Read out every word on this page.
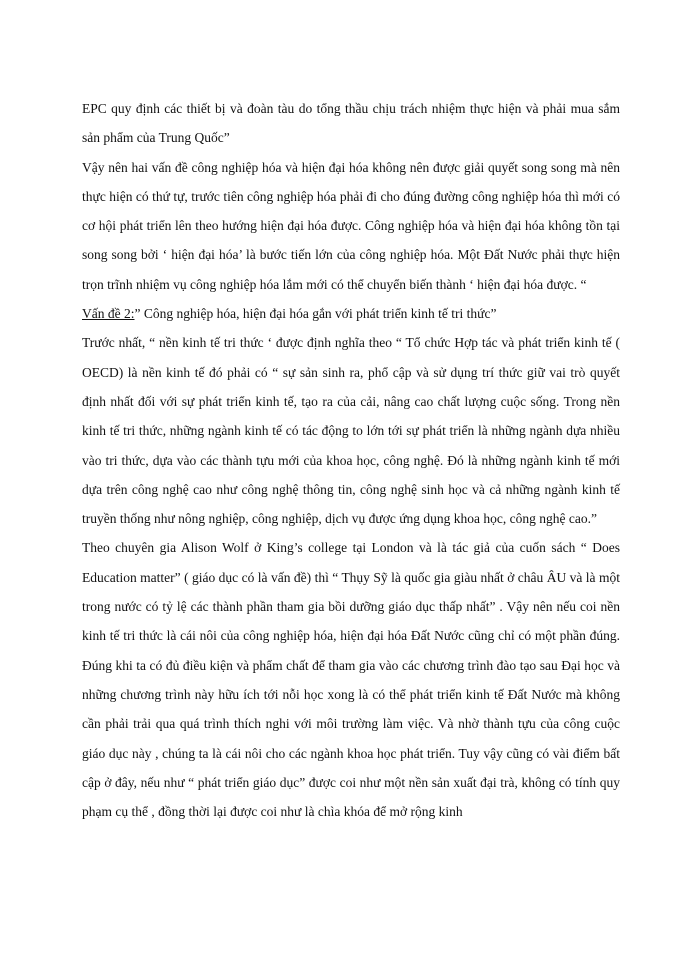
EPC quy định các thiết bị và đoàn tàu do tổng thầu chịu trách nhiệm thực hiện và phải mua sắm sản phẩm của Trung Quốc”

Vậy nên hai vấn đề công nghiệp hóa và hiện đại hóa không nên được giải quyết song song mà nên thực hiện có thứ tự, trước tiên công nghiệp hóa phải đi cho đúng đường công nghiệp hóa thì mới có cơ hội phát triển lên theo hướng hiện đại hóa được. Công nghiệp hóa và hiện đại hóa không tồn tại song song bởi ‘ hiện đại hóa’ là bước tiến lớn của công nghiệp hóa. Một Đất Nước phải thực hiện trọn trĩnh nhiệm vụ công nghiệp hóa lắm mới có thể chuyển biến thành ‘ hiện đại hóa được. “

Vấn đề 2:” Công nghiệp hóa, hiện đại hóa gắn với phát triển kinh tế tri thức”

Trước nhất, “ nền kinh tế tri thức ‘ được định nghĩa theo “ Tổ chức Hợp tác và phát triển kinh tế ( OECD) là nền kinh tế đó phải có “ sự sản sinh ra, phổ cập và sử dụng trí thức giữ vai trò quyết định nhất đối với sự phát triển kinh tế, tạo ra của cải, nâng cao chất lượng cuộc sống. Trong nền kinh tế tri thức, những ngành kinh tế có tác động to lớn tới sự phát triển là những ngành dựa nhiều vào tri thức, dựa vào các thành tựu mới của khoa học, công nghệ. Đó là những ngành kinh tế mới dựa trên công nghệ cao như công nghệ thông tin, công nghệ sinh học và cả những ngành kinh tế truyền thống như nông nghiệp, công nghiệp, dịch vụ được ứng dụng khoa học, công nghệ cao.”

Theo chuyên gia Alison Wolf ở King’s college tại London và là tác giả của cuốn sách “ Does Education matter” ( giáo dục có là vấn đề) thì “ Thụy Sỹ là quốc gia giàu nhất ở châu ÂU và là một trong nước có tỷ lệ các thành phần tham gia bồi dưỡng giáo dục thấp nhất” . Vậy nên nếu coi nền kinh tế tri thức là cái nôi của công nghiệp hóa, hiện đại hóa Đất Nước cũng chỉ có một phần đúng. Đúng khi ta có đủ điều kiện và phẩm chất để tham gia vào các chương trình đào tạo sau Đại học và những chương trình này hữu ích tới nỗi học xong là có thể phát triển kinh tế Đất Nước mà không cần phải trải qua quá trình thích nghi với môi trường làm việc. Và nhờ thành tựu của công cuộc giáo dục này , chúng ta là cái nôi cho các ngành khoa học phát triển. Tuy vậy cũng có vài điểm bất cập ở đây, nếu như “ phát triển giáo dục” được coi như một nền sản xuất đại trà, không có tính quy phạm cụ thể , đồng thời lại được coi như là chìa khóa để mở rộng kinh
